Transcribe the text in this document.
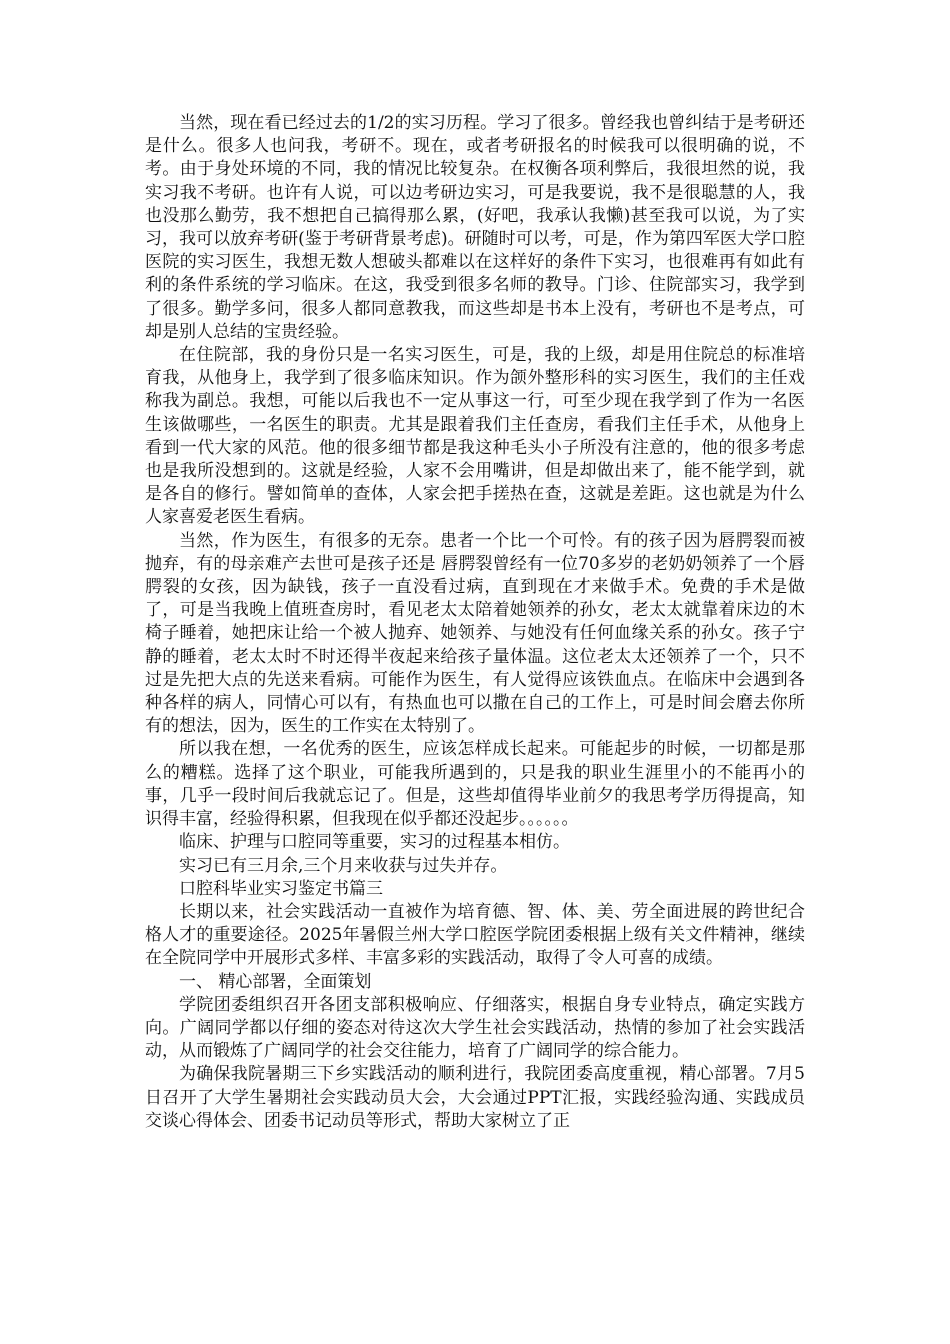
当然，现在看已经过去的1/2的实习历程。学习了很多。曾经我也曾纠结于是考研还是什么。很多人也问我，考研不。现在，或者考研报名的时候我可以很明确的说，不考。由于身处环境的不同，我的情况比较复杂。在权衡各项利弊后，我很坦然的说，我实习我不考研。也许有人说，可以边考研边实习，可是我要说，我不是很聪慧的人，我也没那么勤劳，我不想把自己搞得那么累，(好吧，我承认我懒)甚至我可以说，为了实习，我可以放弃考研(鉴于考研背景考虑)。研随时可以考，可是，作为第四军医大学口腔医院的实习医生，我想无数人想破头都难以在这样好的条件下实习，也很难再有如此有利的条件系统的学习临床。在这，我受到很多名师的教导。门诊、住院部实习，我学到了很多。勤学多问，很多人都同意教我，而这些却是书本上没有，考研也不是考点，可却是别人总结的宝贵经验。

在住院部，我的身份只是一名实习医生，可是，我的上级，却是用住院总的标准培育我，从他身上，我学到了很多临床知识。作为颌外整形科的实习医生，我们的主任戏称我为副总。我想，可能以后我也不一定从事这一行，可至少现在我学到了作为一名医生该做哪些，一名医生的职责。尤其是跟着我们主任查房，看我们主任手术，从他身上看到一代大家的风范。他的很多细节都是我这种毛头小子所没有注意的，他的很多考虑也是我所没想到的。这就是经验，人家不会用嘴讲，但是却做出来了，能不能学到，就是各自的修行。譬如简单的查体，人家会把手搓热在查，这就是差距。这也就是为什么人家喜爱老医生看病。

当然，作为医生，有很多的无奈。患者一个比一个可怜。有的孩子因为唇腭裂而被抛弃，有的母亲难产去世可是孩子还是 唇腭裂曾经有一位70多岁的老奶奶领养了一个唇腭裂的女孩，因为缺钱，孩子一直没看过病，直到现在才来做手术。免费的手术是做了，可是当我晚上值班查房时，看见老太太陪着她领养的孙女，老太太就靠着床边的木椅子睡着，她把床让给一个被人抛弃、她领养、与她没有任何血缘关系的孙女。孩子宁静的睡着，老太太时不时还得半夜起来给孩子量体温。这位老太太还领养了一个，只不过是先把大点的先送来看病。可能作为医生，有人觉得应该铁血点。在临床中会遇到各种各样的病人，同情心可以有，有热血也可以撒在自己的工作上，可是时间会磨去你所有的想法，因为，医生的工作实在太特别了。

所以我在想，一名优秀的医生，应该怎样成长起来。可能起步的时候，一切都是那么的糟糕。选择了这个职业，可能我所遇到的，只是我的职业生涯里小的不能再小的事，几乎一段时间后我就忘记了。但是，这些却值得毕业前夕的我思考学历得提高，知识得丰富，经验得积累，但我现在似乎都还没起步。。。。。。

临床、护理与口腔同等重要，实习的过程基本相仿。

实习已有三月余,三个月来收获与过失并存。

口腔科毕业实习鉴定书篇三

长期以来，社会实践活动一直被作为培育德、智、体、美、劳全面进展的跨世纪合格人才的重要途径。2025年暑假兰州大学口腔医学院团委根据上级有关文件精神，继续在全院同学中开展形式多样、丰富多彩的实践活动，取得了令人可喜的成绩。

一、 精心部署，全面策划

学院团委组织召开各团支部积极响应、仔细落实，根据自身专业特点，确定实践方向。广阔同学都以仔细的姿态对待这次大学生社会实践活动，热情的参加了社会实践活动，从而锻炼了广阔同学的社会交往能力，培育了广阔同学的综合能力。

为确保我院暑期三下乡实践活动的顺利进行，我院团委高度重视，精心部署。7月5日召开了大学生暑期社会实践动员大会，大会通过PPT汇报，实践经验沟通、实践成员交谈心得体会、团委书记动员等形式，帮助大家树立了正
